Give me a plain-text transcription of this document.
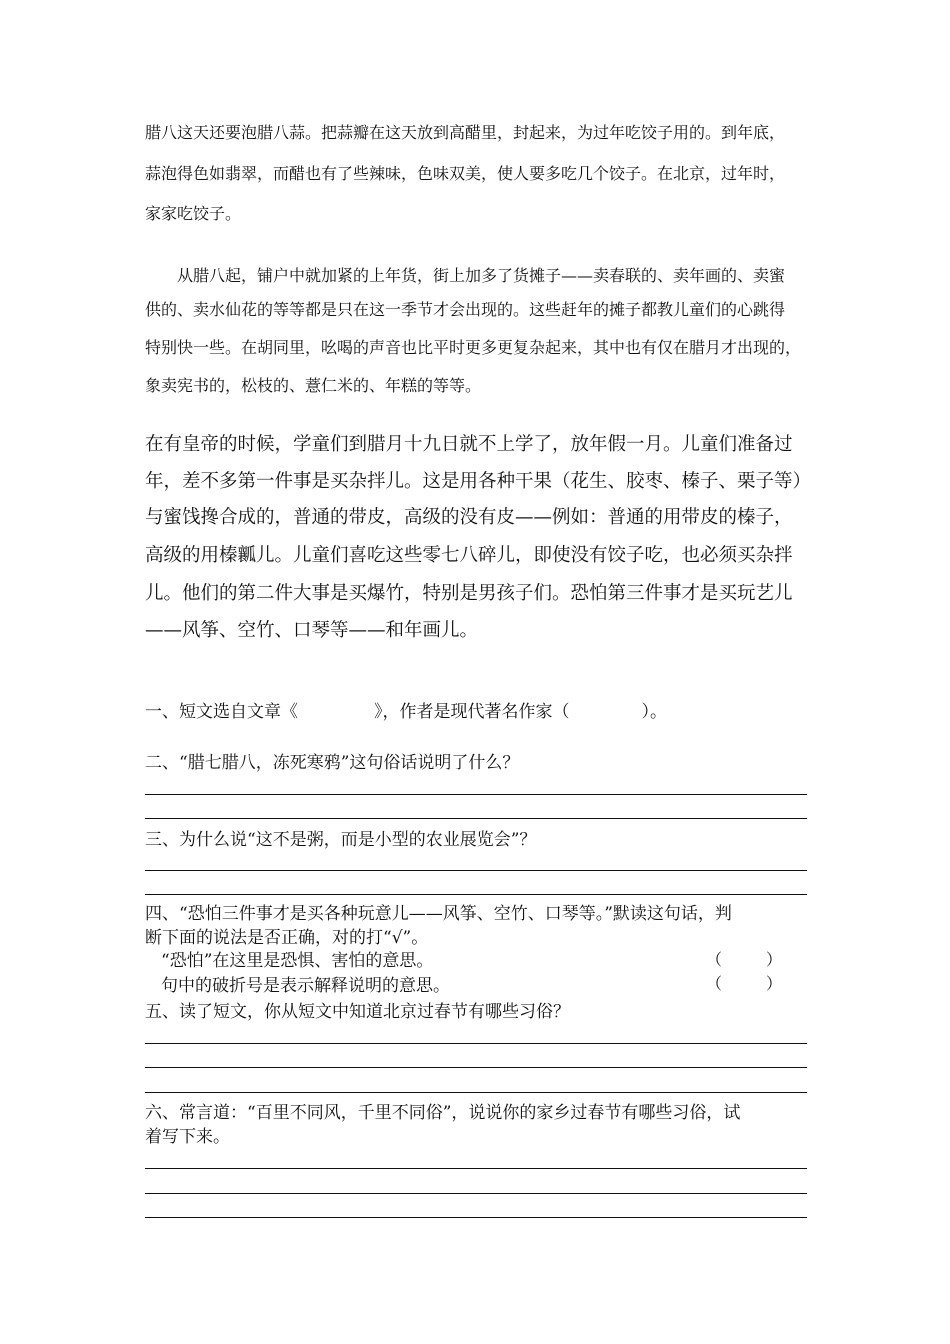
腊八这天还要泡腊八蒜。把蒜瓣在这天放到高醋里，封起来，为过年吃饺子用的。到年底，
蒜泡得色如翡翠，而醋也有了些辣味，色味双美，使人要多吃几个饺子。在北京，过年时，
家家吃饺子。
从腊八起，铺户中就加紧的上年货，街上加多了货摊子——卖春联的、卖年画的、卖蜜
供的、卖水仙花的等等都是只在这一季节才会出现的。这些赶年的摊子都教儿童们的心跳得
特别快一些。在胡同里，吆喝的声音也比平时更多更复杂起来，其中也有仅在腊月才出现的，
象卖宪书的，松枝的、薏仁米的、年糕的等等。
在有皇帝的时候，学童们到腊月十九日就不上学了，放年假一月。儿童们准备过
年，差不多第一件事是买杂拌儿。这是用各种干果（花生、胶枣、榛子、栗子等）
与蜜饯搀合成的，普通的带皮，高级的没有皮——例如：普通的用带皮的榛子，
高级的用榛瓤儿。儿童们喜吃这些零七八碎儿，即使没有饺子吃，也必须买杂拌
儿。他们的第二件大事是买爆竹，特别是男孩子们。恐怕第三件事才是买玩艺儿
——风筝、空竹、口琴等——和年画儿。
一、短文选自文章《	》，作者是现代著名作家（	）。
二、“腊七腊八，冻死寒鸦”这句俗话说明了什么？
三、为什么说“这不是粥，而是小型的农业展览会”？
四、“恐怕三件事才是买各种玩意儿——风筝、空竹、口琴等。”默读这句话，判
断下面的说法是否正确，对的打“√”。
“恐怕”在这里是恐惧、害怕的意思。	（	）
句中的破折号是表示解释说明的意思。	（	）
五、读了短文，你从短文中知道北京过春节有哪些习俗？
六、常言道：“百里不同风，千里不同俗”，说说你的家乡过春节有哪些习俗，试
着写下来。
